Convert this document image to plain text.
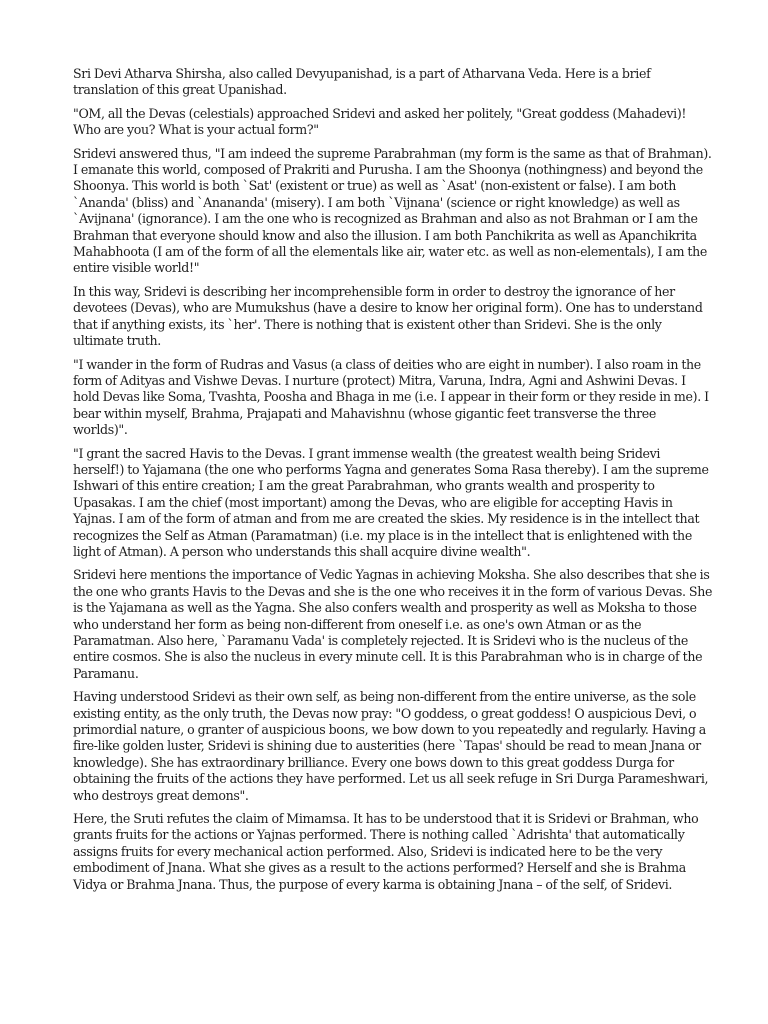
Sri Devi Atharva Shirsha, also called Devyupanishad, is a part of Atharvana Veda. Here is a brief translation of this great Upanishad.

"OM, all the Devas (celestials) approached Sridevi and asked her politely, "Great goddess (Mahadevi)! Who are you? What is your actual form?"

Sridevi answered thus, "I am indeed the supreme Parabrahman (my form is the same as that of Brahman). I emanate this world, composed of Prakriti and Purusha. I am the Shoonya (nothingness) and beyond the Shoonya. This world is both `Sat' (existent or true) as well as `Asat' (non-existent or false). I am both `Ananda' (bliss) and `Anananda' (misery). I am both `Vijnana' (science or right knowledge) as well as `Avijnana' (ignorance). I am the one who is recognized as Brahman and also as not Brahman or I am the Brahman that everyone should know and also the illusion. I am both Panchikrita as well as Apanchikrita Mahabhoota (I am of the form of all the elementals like air, water etc. as well as non-elementals), I am the entire visible world!"

In this way, Sridevi is describing her incomprehensible form in order to destroy the ignorance of her devotees (Devas), who are Mumukshus (have a desire to know her original form). One has to understand that if anything exists, its `her'. There is nothing that is existent other than Sridevi. She is the only ultimate truth.

"I wander in the form of Rudras and Vasus (a class of deities who are eight in number). I also roam in the form of Adityas and Vishwe Devas. I nurture (protect) Mitra, Varuna, Indra, Agni and Ashwini Devas. I hold Devas like Soma, Tvashta, Poosha and Bhaga in me (i.e. I appear in their form or they reside in me). I bear within myself, Brahma, Prajapati and Mahavishnu (whose gigantic feet transverse the three worlds)".

"I grant the sacred Havis to the Devas. I grant immense wealth (the greatest wealth being Sridevi herself!) to Yajamana (the one who performs Yagna and generates Soma Rasa thereby). I am the supreme Ishwari of this entire creation; I am the great Parabrahman, who grants wealth and prosperity to Upasakas. I am the chief (most important) among the Devas, who are eligible for accepting Havis in Yajnas. I am of the form of atman and from me are created the skies. My residence is in the intellect that recognizes the Self as Atman (Paramatman) (i.e. my place is in the intellect that is enlightened with the light of Atman). A person who understands this shall acquire divine wealth".

Sridevi here mentions the importance of Vedic Yagnas in achieving Moksha. She also describes that she is the one who grants Havis to the Devas and she is the one who receives it in the form of various Devas. She is the Yajamana as well as the Yagna. She also confers wealth and prosperity as well as Moksha to those who understand her form as being non-different from oneself i.e. as one's own Atman or as the Paramatman. Also here, `Paramanu Vada' is completely rejected. It is Sridevi who is the nucleus of the entire cosmos. She is also the nucleus in every minute cell. It is this Parabrahman who is in charge of the Paramanu.

Having understood Sridevi as their own self, as being non-different from the entire universe, as the sole existing entity, as the only truth, the Devas now pray: "O goddess, o great goddess! O auspicious Devi, o primordial nature, o granter of auspicious boons, we bow down to you repeatedly and regularly. Having a fire-like golden luster, Sridevi is shining due to austerities (here `Tapas' should be read to mean Jnana or knowledge). She has extraordinary brilliance. Every one bows down to this great goddess Durga for obtaining the fruits of the actions they have performed. Let us all seek refuge in Sri Durga Parameshwari, who destroys great demons".

Here, the Sruti refutes the claim of Mimamsa. It has to be understood that it is Sridevi or Brahman, who grants fruits for the actions or Yajnas performed. There is nothing called `Adrishta' that automatically assigns fruits for every mechanical action performed. Also, Sridevi is indicated here to be the very embodiment of Jnana. What she gives as a result to the actions performed? Herself and she is Brahma Vidya or Brahma Jnana. Thus, the purpose of every karma is obtaining Jnana – of the self, of Sridevi.
